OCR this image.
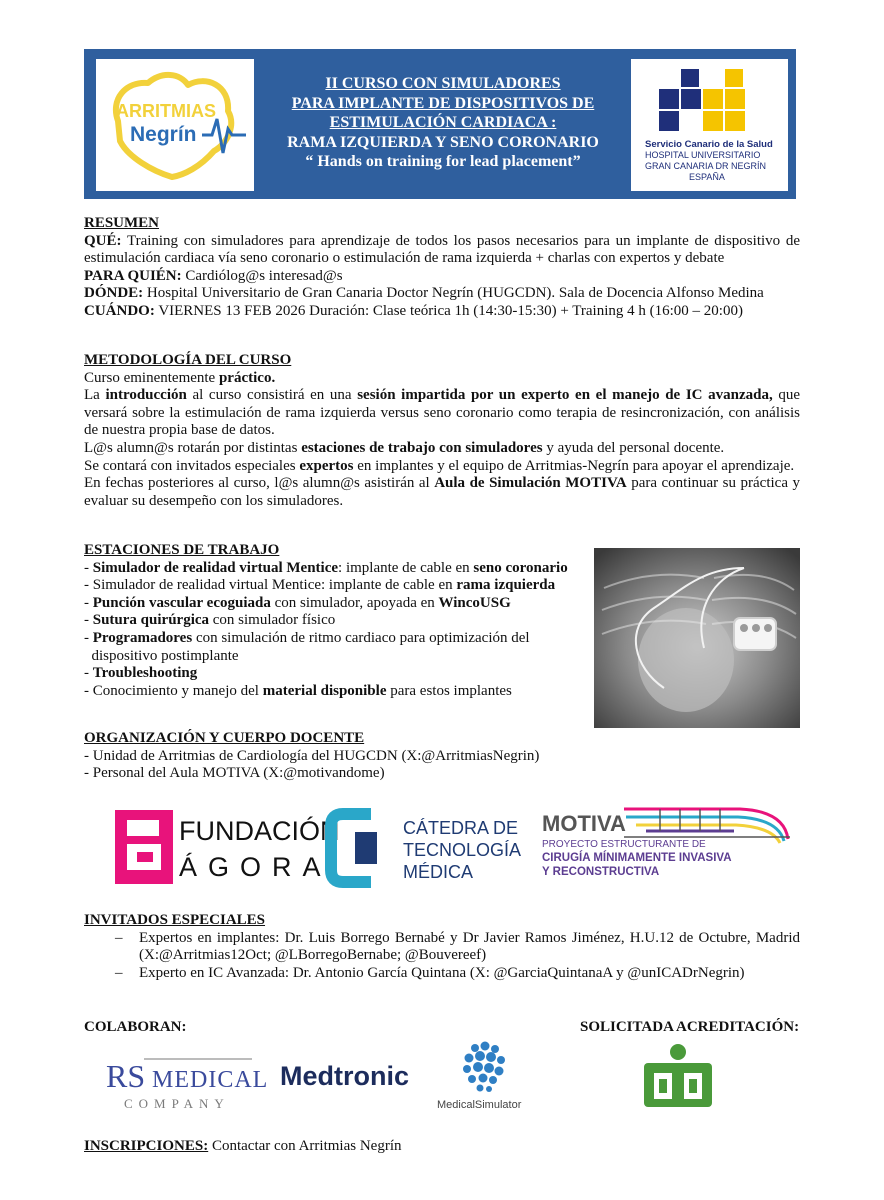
ARRITMIAS
Negrín
II CURSO CON SIMULADORES
PARA IMPLANTE DE DISPOSITIVOS DE
ESTIMULACIÓN CARDIACA :
RAMA IZQUIERDA Y SENO CORONARIO
“ Hands on training for lead placement”
Servicio Canario de la Salud
HOSPITAL UNIVERSITARIO
GRAN CANARIA DR NEGRÍN
ESPAÑA
RESUMEN
QUÉ: Training con simuladores para aprendizaje de todos los pasos necesarios para un implante de dispositivo de estimulación cardiaca vía seno coronario o estimulación de rama izquierda + charlas con expertos y debate
PARA QUIÉN: Cardiólog@s interesad@s
DÓNDE: Hospital Universitario de Gran Canaria Doctor Negrín (HUGCDN). Sala de Docencia Alfonso Medina
CUÁNDO: VIERNES 13 FEB 2026 Duración: Clase teórica 1h (14:30-15:30) + Training 4 h (16:00 – 20:00)
METODOLOGÍA DEL CURSO
Curso eminentemente práctico.
La introducción al curso consistirá en una sesión impartida por un experto en el manejo de IC avanzada, que versará sobre la estimulación de rama izquierda versus seno coronario como terapia de resincronización, con análisis de nuestra propia base de datos.
L@s alumn@s rotarán por distintas estaciones de trabajo con simuladores y ayuda del personal docente.
Se contará con invitados especiales expertos en implantes y el equipo de Arritmias-Negrín para apoyar el aprendizaje.
En fechas posteriores al curso, l@s alumn@s asistirán al Aula de Simulación MOTIVA para continuar su práctica y evaluar su desempeño con los simuladores.
ESTACIONES DE TRABAJO
- Simulador de realidad virtual Mentice: implante de cable en seno coronario
- Simulador de realidad virtual Mentice: implante de cable en rama izquierda
- Punción vascular ecoguiada con simulador, apoyada en WincoUSG
- Sutura quirúrgica con simulador físico
- Programadores con simulación de ritmo cardiaco para optimización del
dispositivo postimplante
- Troubleshooting
- Conocimiento y manejo del material disponible para estos implantes
ORGANIZACIÓN Y CUERPO DOCENTE
- Unidad de Arritmias de Cardiología del HUGCDN (X:@ArritmiasNegrin)
- Personal del Aula MOTIVA (X:@motivandome)
FUNDACIÓN
ÁGORA
CÁTEDRA DE
TECNOLOGÍA
MÉDICA
MOTIVA
PROYECTO ESTRUCTURANTE DE
CIRUGÍA MÍNIMAMENTE INVASIVA
Y RECONSTRUCTIVA
INVITADOS ESPECIALES
– Expertos en implantes: Dr. Luis Borrego Bernabé y Dr Javier Ramos Jiménez, H.U.12 de Octubre, Madrid (X:@Arritmias12Oct; @LBorregoBernabe; @Bouvereef)
– Experto en IC Avanzada: Dr. Antonio García Quintana (X: @GarciaQuintanaA y @unICADrNegrin)
COLABORAN:	SOLICITADA ACREDITACIÓN:
RS MEDICAL
COMPANY
Medtronic
MedicalSimulator
INSCRIPCIONES: Contactar con Arritmias Negrín
